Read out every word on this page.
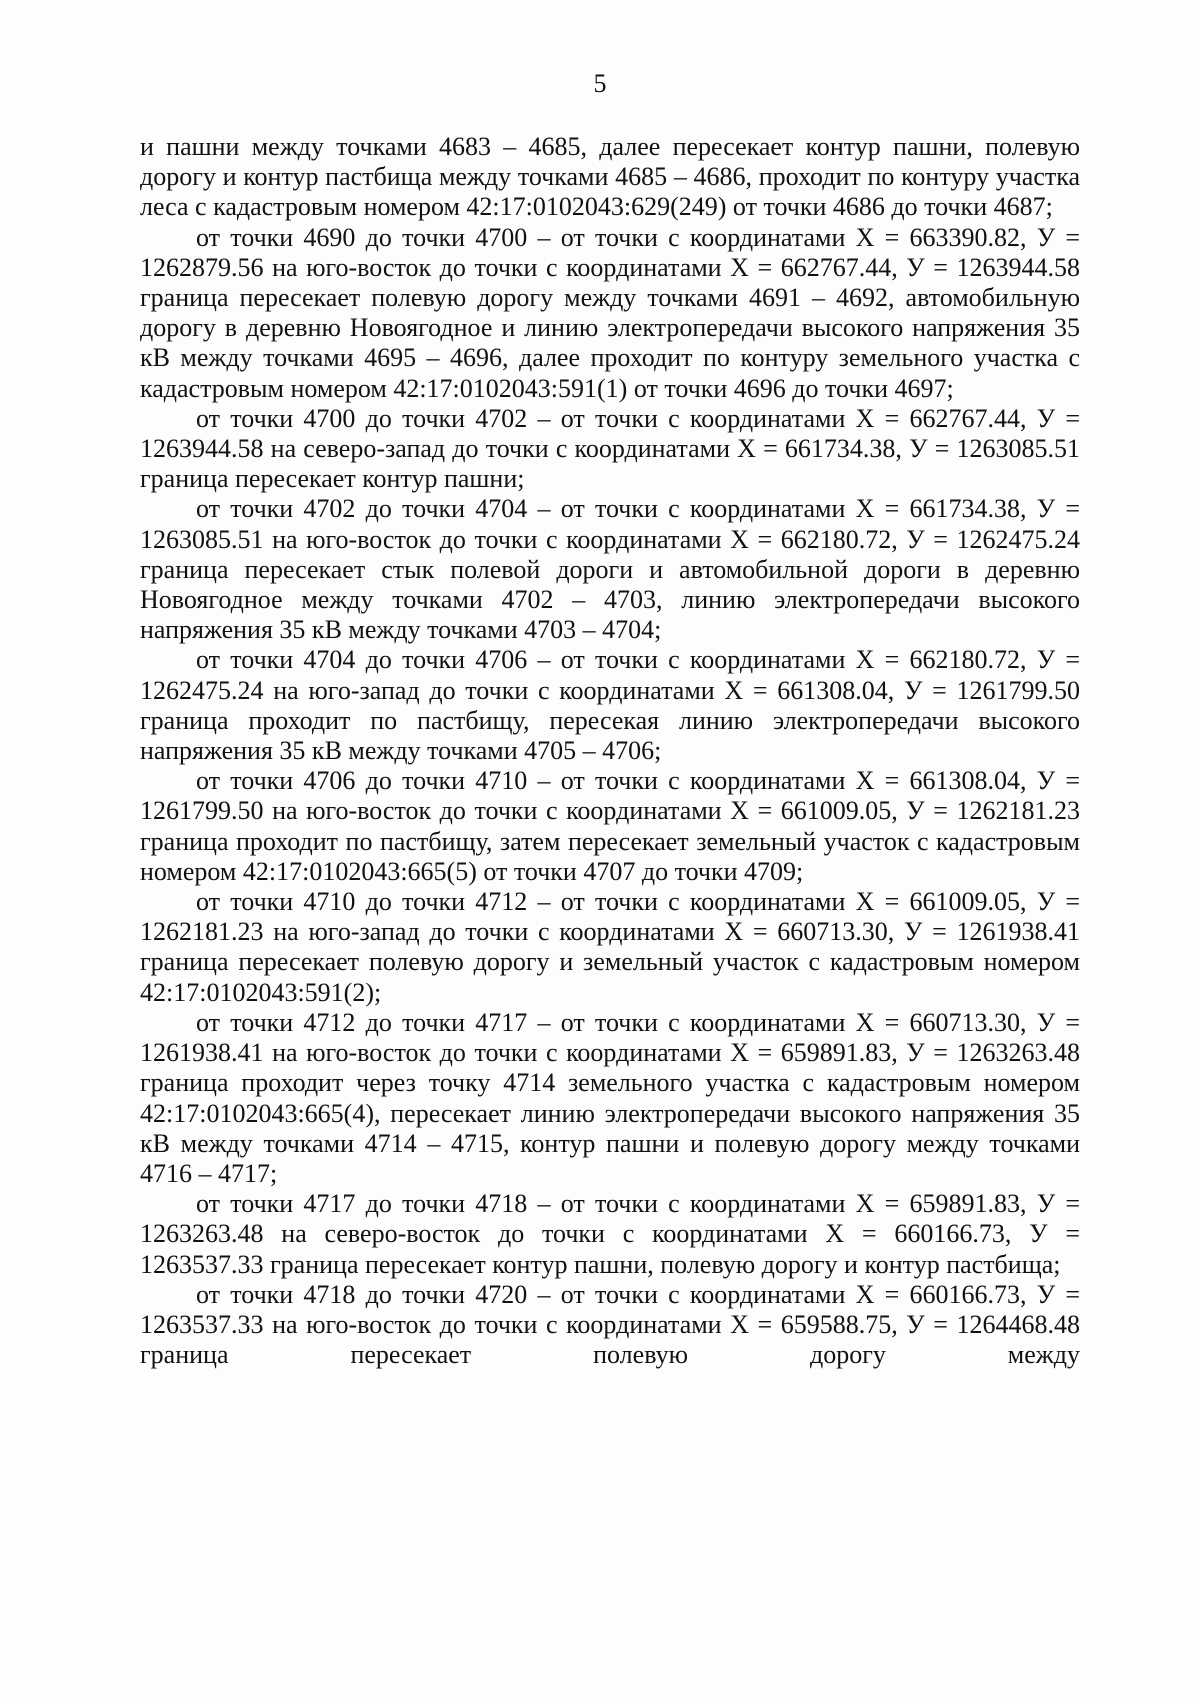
5

и пашни между точками 4683 – 4685, далее пересекает контур пашни, полевую дорогу и контур пастбища между точками 4685 – 4686, проходит по контуру участка леса с кадастровым номером 42:17:0102043:629(249) от точки 4686 до точки 4687;

от точки 4690 до точки 4700 – от точки с координатами Х = 663390.82, У = 1262879.56 на юго-восток до точки с координатами Х = 662767.44, У = 1263944.58 граница пересекает полевую дорогу между точками 4691 – 4692, автомобильную дорогу в деревню Новоягодное и линию электропередачи высокого напряжения 35 кВ между точками 4695 – 4696, далее проходит по контуру земельного участка с кадастровым номером 42:17:0102043:591(1) от точки 4696 до точки 4697;

от точки 4700 до точки 4702 – от точки с координатами Х = 662767.44, У = 1263944.58 на северо-запад до точки с координатами Х = 661734.38, У = 1263085.51 граница пересекает контур пашни;

от точки 4702 до точки 4704 – от точки с координатами Х = 661734.38, У = 1263085.51 на юго-восток до точки с координатами Х = 662180.72, У = 1262475.24 граница пересекает стык полевой дороги и автомобильной дороги в деревню Новоягодное между точками 4702 – 4703, линию электропередачи высокого напряжения 35 кВ между точками 4703 – 4704;

от точки 4704 до точки 4706 – от точки с координатами Х = 662180.72, У = 1262475.24 на юго-запад до точки с координатами Х = 661308.04, У = 1261799.50 граница проходит по пастбищу, пересекая линию электропередачи высокого напряжения 35 кВ между точками 4705 – 4706;

от точки 4706 до точки 4710 – от точки с координатами Х = 661308.04, У = 1261799.50 на юго-восток до точки с координатами Х = 661009.05, У = 1262181.23 граница проходит по пастбищу, затем пересекает земельный участок с кадастровым номером 42:17:0102043:665(5) от точки 4707 до точки 4709;

от точки 4710 до точки 4712 – от точки с координатами Х = 661009.05, У = 1262181.23 на юго-запад до точки с координатами Х = 660713.30, У = 1261938.41 граница пересекает полевую дорогу и земельный участок с кадастровым номером 42:17:0102043:591(2);

от точки 4712 до точки 4717 – от точки с координатами Х = 660713.30, У = 1261938.41 на юго-восток до точки с координатами Х = 659891.83, У = 1263263.48 граница проходит через точку 4714 земельного участка с кадастровым номером 42:17:0102043:665(4), пересекает линию электропередачи высокого напряжения 35 кВ между точками 4714 – 4715, контур пашни и полевую дорогу между точками 4716 – 4717;

от точки 4717 до точки 4718 – от точки с координатами Х = 659891.83, У = 1263263.48 на северо-восток до точки с координатами Х = 660166.73, У = 1263537.33 граница пересекает контур пашни, полевую дорогу и контур пастбища;

от точки 4718 до точки 4720 – от точки с координатами Х = 660166.73, У = 1263537.33 на юго-восток до точки с координатами Х = 659588.75, У = 1264468.48 граница пересекает полевую дорогу между
